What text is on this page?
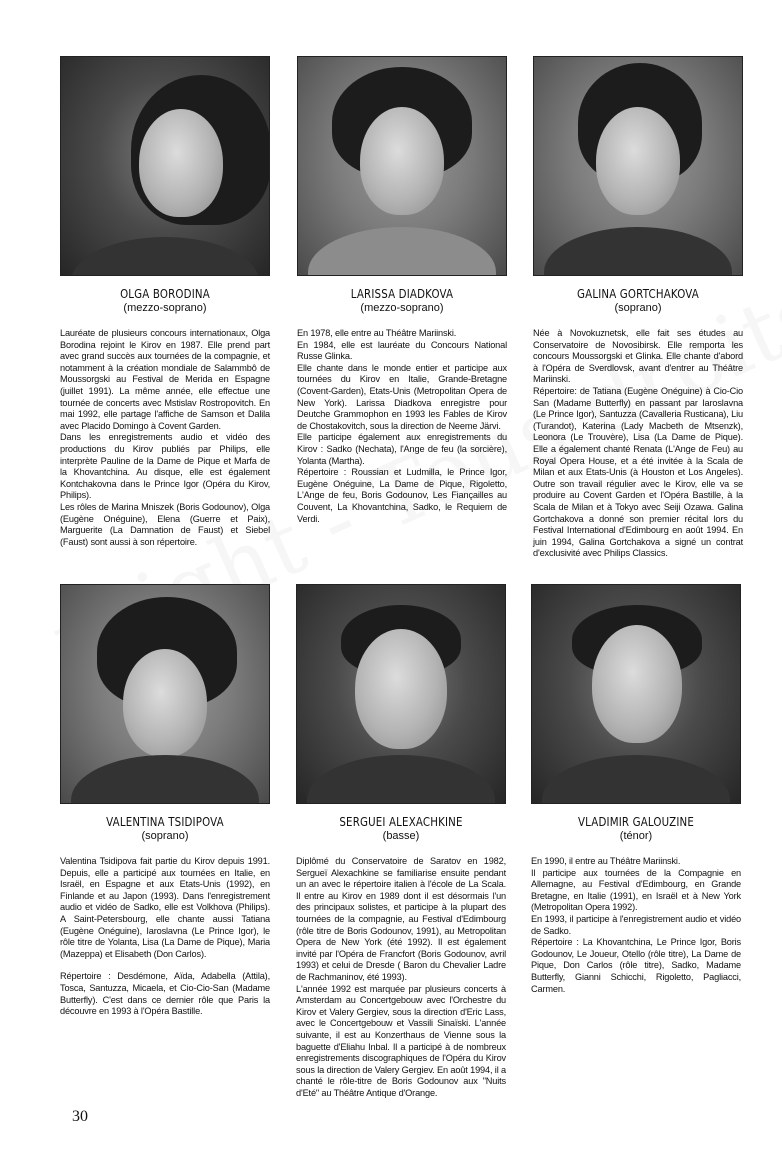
OLGA BORODINA
(mezzo-soprano)

Lauréate de plusieurs concours internationaux, Olga Borodina rejoint le Kirov en 1987. Elle prend part avec grand succès aux tournées de la compagnie, et notamment à la création mondiale de Salammbô de Moussorgski au Festival de Merida en Espagne (juillet 1991). La même année, elle effectue une tournée de concerts avec Mstislav Rostropovitch. En mai 1992, elle partage l'affiche de Samson et Dalila avec Placido Domingo à Covent Garden.

Dans les enregistrements audio et vidéo des productions du Kirov publiés par Philips, elle interprète Pauline de la Dame de Pique et Marfa de la Khovantchina. Au disque, elle est également Kontchakovna dans le Prince Igor (Opéra du Kirov, Philips).

Les rôles de Marina Mniszek (Boris Godounov), Olga (Eugène Onéguine), Elena (Guerre et Paix), Marguerite (La Damnation de Faust) et Siebel (Faust) sont aussi à son répertoire.

LARISSA DIADKOVA
(mezzo-soprano)

En 1978, elle entre au Théâtre Mariinski.

En 1984, elle est lauréate du Concours National Russe Glinka.

Elle chante dans le monde entier et participe aux tournées du Kirov en Italie, Grande-Bretagne (Covent-Garden), Etats-Unis (Metropolitan Opera de New York). Larissa Diadkova enregistre pour Deutche Grammophon en 1993 les Fables de Kirov de Chostakovitch, sous la direction de Neeme Järvi.

Elle participe également aux enregistrements du Kirov : Sadko (Nechata), l'Ange de feu (la sorcière), Yolanta (Martha).

Répertoire : Roussian et Ludmilla, le Prince Igor, Eugène Onéguine, La Dame de Pique, Rigoletto, L'Ange de feu, Boris Godounov, Les Fiançailles au Couvent, La Khovantchina, Sadko, le Requiem de Verdi.

GALINA GORTCHAKOVA
(soprano)

Née à Novokuznetsk, elle fait ses études au Conservatoire de Novosibirsk. Elle remporta les concours Moussorgski et Glinka. Elle chante d'abord à l'Opéra de Sverdlovsk, avant d'entrer au Théâtre Mariinski.

Répertoire: de Tatiana (Eugène Onéguine) à Cio-Cio San (Madame Butterfly) en passant par Iaroslavna (Le Prince Igor), Santuzza (Cavalleria Rusticana), Liu (Turandot), Katerina (Lady Macbeth de Mtsenzk), Leonora (Le Trouvère), Lisa (La Dame de Pique). Elle a également chanté Renata (L'Ange de Feu) au Royal Opera House, et a été invitée à la Scala de Milan et aux Etats-Unis (à Houston et Los Angeles). Outre son travail régulier avec le Kirov, elle va se produire au Covent Garden et l'Opéra Bastille, à la Scala de Milan et à Tokyo avec Seiji Ozawa. Galina Gortchakova a donné son premier récital lors du Festival International d'Edimbourg en août 1994. En juin 1994, Galina Gortchakova a signé un contrat d'exclusivité avec Philips Classics.

VALENTINA TSIDIPOVA
(soprano)

Valentina Tsidipova fait partie du Kirov depuis 1991. Depuis, elle a participé aux tournées en Italie, en Israël, en Espagne et aux Etats-Unis (1992), en Finlande et au Japon (1993). Dans l'enregistrement audio et vidéo de Sadko, elle est Volkhova (Philips). A Saint-Petersbourg, elle chante aussi Tatiana (Eugène Onéguine), Iaroslavna (Le Prince Igor), le rôle titre de Yolanta, Lisa (La Dame de Pique), Maria (Mazeppa) et Elisabeth (Don Carlos).

Répertoire : Desdémone, Aïda, Adabella (Attila), Tosca, Santuzza, Micaela, et Cio-Cio-San (Madame Butterfly). C'est dans ce dernier rôle que Paris la découvre en 1993 à l'Opéra Bastille.

SERGUEI ALEXACHKINE
(basse)

Diplômé du Conservatoire de Saratov en 1982, Sergueï Alexachkine se familiarise ensuite pendant un an avec le répertoire italien à l'école de La Scala. Il entre au Kirov en 1989 dont il est désormais l'un des principaux solistes, et participe à la plupart des tournées de la compagnie, au Festival d'Edimbourg (rôle titre de Boris Godounov, 1991), au Metropolitan Opera de New York (été 1992). Il est également invité par l'Opéra de Francfort (Boris Godounov, avril 1993) et celui de Dresde ( Baron du Chevalier Ladre de Rachmaninov, été 1993).

L'année 1992 est marquée par plusieurs concerts à Amsterdam au Concertgebouw avec l'Orchestre du Kirov et Valery Gergiev, sous la direction d'Eric Lass, avec le Concertgebouw et Vassili Sinaïski. L'année suivante, il est au Konzerthaus de Vienne sous la baguette d'Eliahu Inbal. Il a participé à de nombreux enregistrements discographiques de l'Opéra du Kirov sous la direction de Valery Gergiev. En août 1994, il a chanté le rôle-titre de Boris Godounov aux "Nuits d'Eté" au Théâtre Antique d'Orange.

VLADIMIR GALOUZINE
(ténor)

En 1990, il entre au Théâtre Mariinski.

Il participe aux tournées de la Compagnie en Allemagne, au Festival d'Edimbourg, en Grande Bretagne, en Italie (1991), en Israël et à New York (Metropolitan Opera 1992).

En 1993, il participe à l'enregistrement audio et vidéo de Sadko.

Répertoire : La Khovantchina, Le Prince Igor, Boris Godounov, Le Joueur, Otello (rôle titre), La Dame de Pique, Don Carlos (rôle titre), Sadko, Madame Butterfly, Gianni Schicchi, Rigoletto, Pagliacci, Carmen.

30
